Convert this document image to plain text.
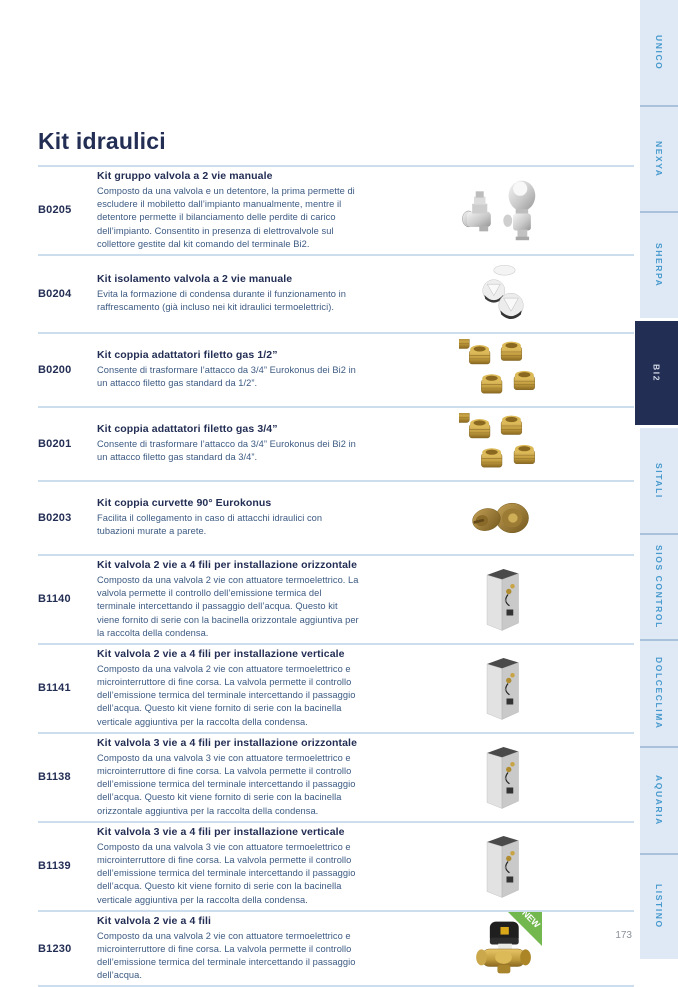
Kit idraulici
B0205
Kit gruppo valvola a 2 vie manuale
Composto da una valvola e un detentore, la prima permette di escludere il mobiletto dall’impianto manualmente, mentre il detentore permette il bilanciamento delle perdite di carico dell’impianto. Consentito in presenza di elettrovalvole sul collettore gestite dal kit comando del terminale Bi2.
B0204
Kit isolamento valvola a 2 vie manuale
Evita la formazione di condensa durante il funzionamento in raffrescamento (già incluso nei kit idraulici termoelettrici).
B0200
Kit coppia adattatori filetto gas 1/2”
Consente di trasformare l’attacco da 3/4” Eurokonus dei Bi2 in un attacco filetto gas standard da 1/2”.
B0201
Kit coppia adattatori filetto gas 3/4”
Consente di trasformare l’attacco da 3/4” Eurokonus dei Bi2 in un attacco filetto gas standard da 3/4”.
B0203
Kit coppia curvette 90° Eurokonus
Facilita il collegamento in caso di attacchi idraulici con tubazioni murate a parete.
B1140
Kit valvola 2 vie a 4 fili per installazione orizzontale
Composto da una valvola 2 vie con attuatore termoelettrico. La valvola permette il controllo dell’emissione termica del terminale intercettando il passaggio dell’acqua. Questo kit viene fornito di serie con la bacinella orizzontale aggiuntiva per la raccolta della condensa.
B1141
Kit valvola 2 vie a 4 fili per installazione verticale
Composto da una valvola 2 vie con attuatore termoelettrico e microinterruttore di fine corsa. La valvola permette il controllo dell’emissione termica del terminale intercettando il passaggio dell’acqua. Questo kit viene fornito di serie con la bacinella verticale aggiuntiva per la raccolta della condensa.
B1138
Kit valvola 3 vie a 4 fili per installazione orizzontale
Composto da una valvola 3 vie con attuatore termoelettrico e microinterruttore di fine corsa. La valvola permette il controllo dell’emissione termica del terminale intercettando il passaggio dell’acqua. Questo kit viene fornito di serie con la bacinella orizzontale aggiuntiva per la raccolta della condensa.
B1139
Kit valvola 3 vie a 4 fili per installazione verticale
Composto da una valvola 3 vie con attuatore termoelettrico e microinterruttore di fine corsa. La valvola permette il controllo dell’emissione termica del terminale intercettando il passaggio dell’acqua. Questo kit viene fornito di serie con la bacinella verticale aggiuntiva per la raccolta della condensa.
B1230
Kit valvola 2 vie a 4 fili
Composto da una valvola 2 vie con attuatore termoelettrico e microinterruttore di fine corsa. La valvola permette il controllo dell’emissione termica del terminale intercettando il passaggio dell’acqua.
UNICO
NEXYA
SHERPA
BI2
SITALI
SIOS CONTROL
DOLCECLIMA
AQUARIA
LISTINO
173
